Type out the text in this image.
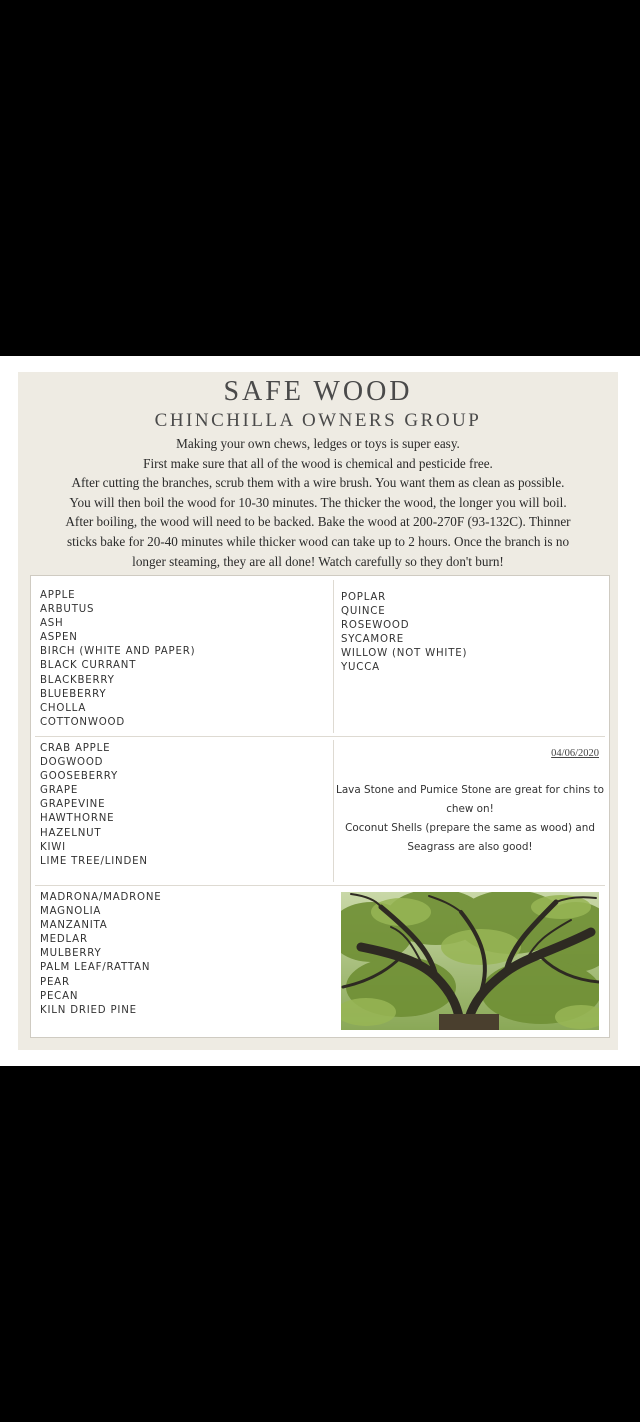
SAFE WOOD
CHINCHILLA OWNERS GROUP
Making your own chews, ledges or toys is super easy.
First make sure that all of the wood is chemical and pesticide free.
After cutting the branches, scrub them with a wire brush. You want them as clean as possible.
You will then boil the wood for 10-30 minutes. The thicker the wood, the longer you will boil.
After boiling, the wood will need to be backed. Bake the wood at 200-270F (93-132C). Thinner
sticks bake for 20-40 minutes while thicker wood can take up to 2 hours. Once the branch is no
longer steaming, they are all done! Watch carefully so they don't burn!
APPLE
ARBUTUS
ASH
ASPEN
BIRCH (WHITE AND PAPER)
BLACK CURRANT
BLACKBERRY
BLUEBERRY
CHOLLA
COTTONWOOD
POPLAR
QUINCE
ROSEWOOD
SYCAMORE
WILLOW (NOT WHITE)
YUCCA
CRAB APPLE
DOGWOOD
GOOSEBERRY
GRAPE
GRAPEVINE
HAWTHORNE
HAZELNUT
KIWI
LIME TREE/LINDEN
04/06/2020
Lava Stone and Pumice Stone are great for chins to
chew on!
Coconut Shells (prepare the same as wood) and
Seagrass are also good!
MADRONA/MADRONE
MAGNOLIA
MANZANITA
MEDLAR
MULBERRY
PALM LEAF/RATTAN
PEAR
PECAN
KILN DRIED PINE
